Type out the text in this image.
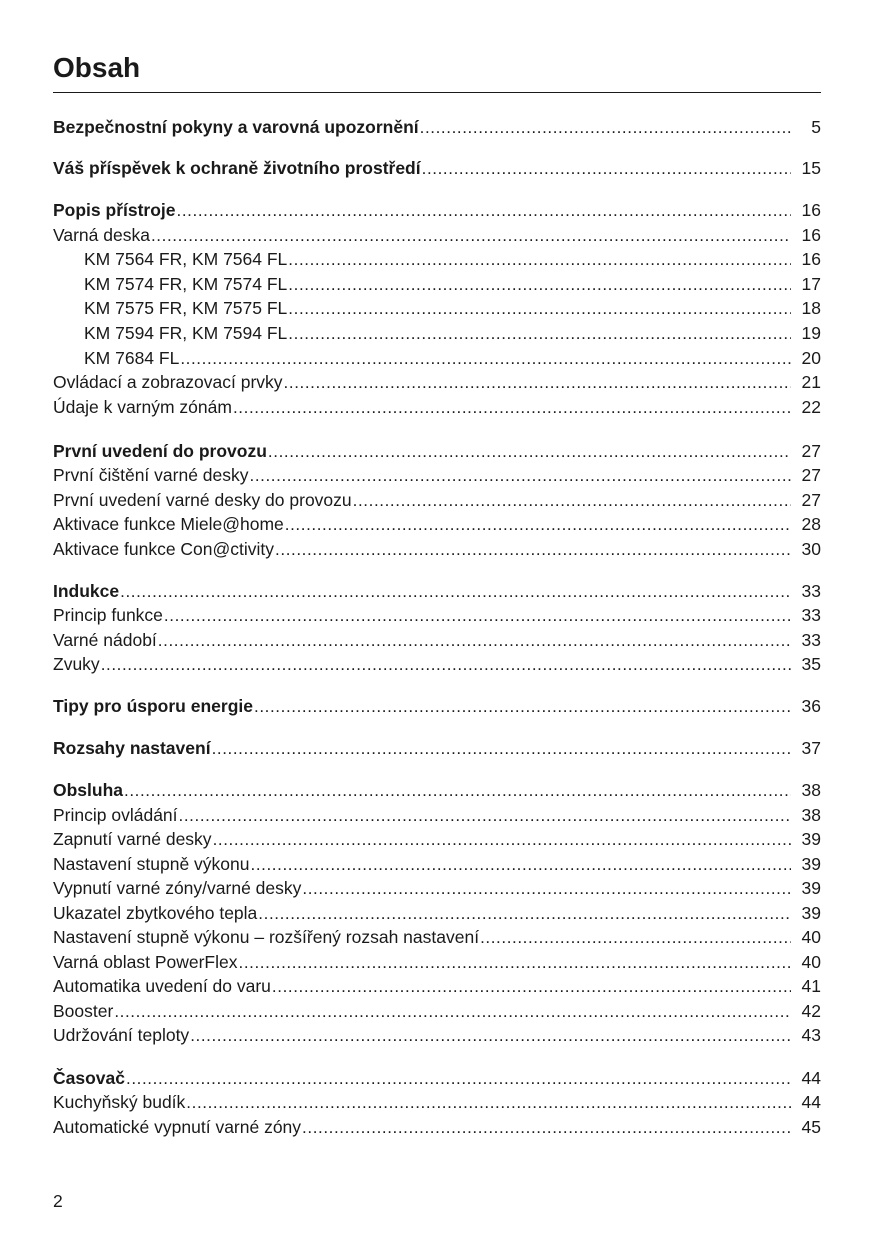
Obsah
Bezpečnostní pokyny a varovná upozornění .....	5
Váš příspěvek k ochraně životního prostředí .....	15
Popis přístroje .....	16
Varná deska .....	16
KM 7564 FR, KM 7564 FL .....	16
KM 7574 FR, KM 7574 FL .....	17
KM 7575 FR, KM 7575 FL .....	18
KM 7594 FR, KM 7594 FL .....	19
KM 7684 FL .....	20
Ovládací a zobrazovací prvky .....	21
Údaje k varným zónám .....	22
První uvedení do provozu .....	27
První čištění varné desky .....	27
První uvedení varné desky do provozu .....	27
Aktivace funkce Miele@home .....	28
Aktivace funkce Con@ctivity .....	30
Indukce .....	33
Princip funkce .....	33
Varné nádobí .....	33
Zvuky .....	35
Tipy pro úsporu energie .....	36
Rozsahy nastavení .....	37
Obsluha .....	38
Princip ovládání .....	38
Zapnutí varné desky .....	39
Nastavení stupně výkonu .....	39
Vypnutí varné zóny/varné desky .....	39
Ukazatel zbytkového tepla .....	39
Nastavení stupně výkonu – rozšířený rozsah nastavení .....	40
Varná oblast PowerFlex .....	40
Automatika uvedení do varu .....	41
Booster .....	42
Udržování teploty .....	43
Časovač .....	44
Kuchyňský budík .....	44
Automatické vypnutí varné zóny .....	45
2
